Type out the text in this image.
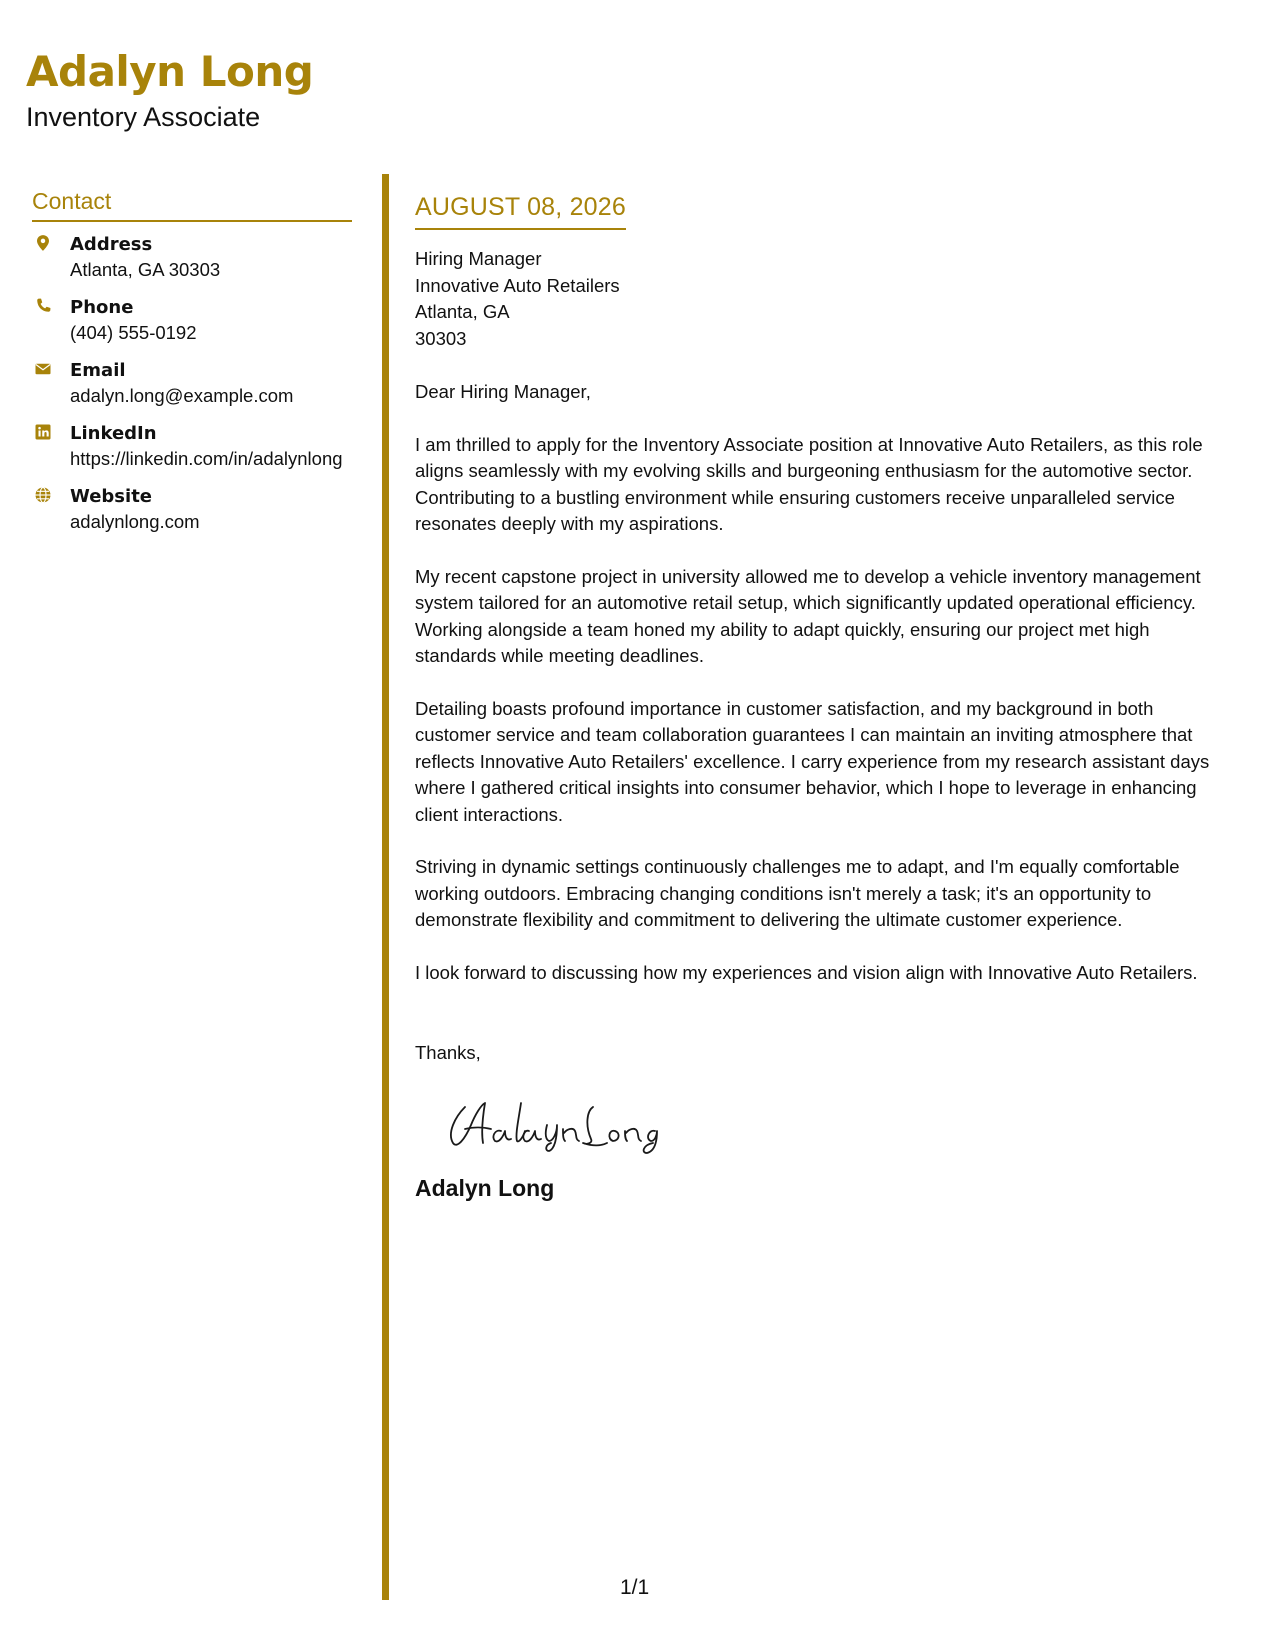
Adalyn Long
Inventory Associate
Contact
Address
Atlanta, GA 30303
Phone
(404) 555-0192
Email
adalyn.long@example.com
LinkedIn
https://linkedin.com/in/adalynlong
Website
adalynlong.com
AUGUST 08, 2026
Hiring Manager
Innovative Auto Retailers
Atlanta, GA
30303

Dear Hiring Manager,

I am thrilled to apply for the Inventory Associate position at Innovative Auto Retailers, as this role aligns seamlessly with my evolving skills and burgeoning enthusiasm for the automotive sector. Contributing to a bustling environment while ensuring customers receive unparalleled service resonates deeply with my aspirations.

My recent capstone project in university allowed me to develop a vehicle inventory management system tailored for an automotive retail setup, which significantly updated operational efficiency. Working alongside a team honed my ability to adapt quickly, ensuring our project met high standards while meeting deadlines.

Detailing boasts profound importance in customer satisfaction, and my background in both customer service and team collaboration guarantees I can maintain an inviting atmosphere that reflects Innovative Auto Retailers' excellence. I carry experience from my research assistant days where I gathered critical insights into consumer behavior, which I hope to leverage in enhancing client interactions.

Striving in dynamic settings continuously challenges me to adapt, and I'm equally comfortable working outdoors. Embracing changing conditions isn't merely a task; it's an opportunity to demonstrate flexibility and commitment to delivering the ultimate customer experience.

I look forward to discussing how my experiences and vision align with Innovative Auto Retailers.

Thanks,

Adalyn Long

1/1
